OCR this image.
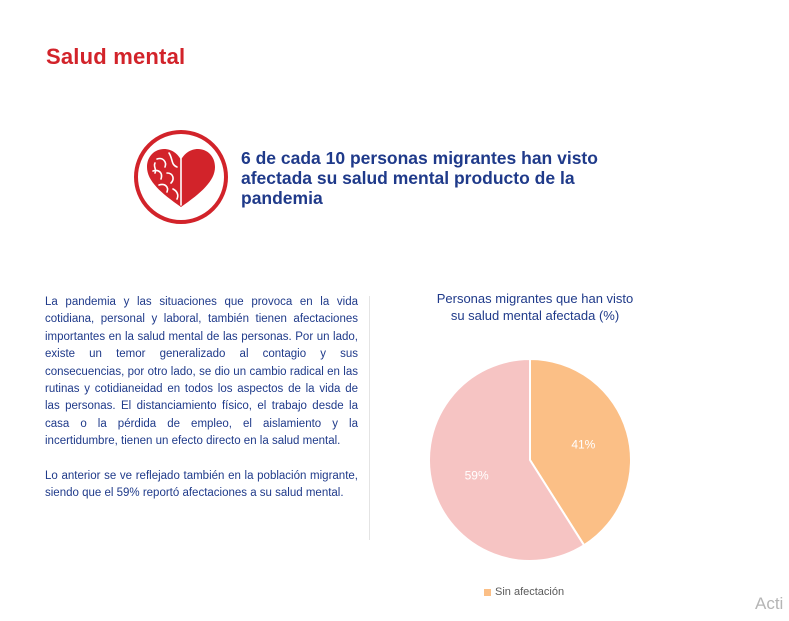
Salud mental
6 de cada 10 personas migrantes han visto afectada su salud mental producto de la pandemia

La pandemia y las situaciones que provoca en la vida cotidiana, personal y laboral, también tienen afectaciones importantes en la salud mental de las personas. Por un lado, existe un temor generalizado al contagio y sus consecuencias, por otro lado, se dio un cambio radical en las rutinas y cotidianeidad en todos los aspectos de la vida de las personas. El distanciamiento físico, el trabajo desde la casa o la pérdida de empleo, el aislamiento y la incertidumbre, tienen un efecto directo en la salud mental.

Lo anterior se ve reflejado también en la población migrante, siendo que el 59% reportó afectaciones a su salud mental.

Personas migrantes que han visto
su salud mental afectada (%)
41%
59%
Sin afectación
Acti
